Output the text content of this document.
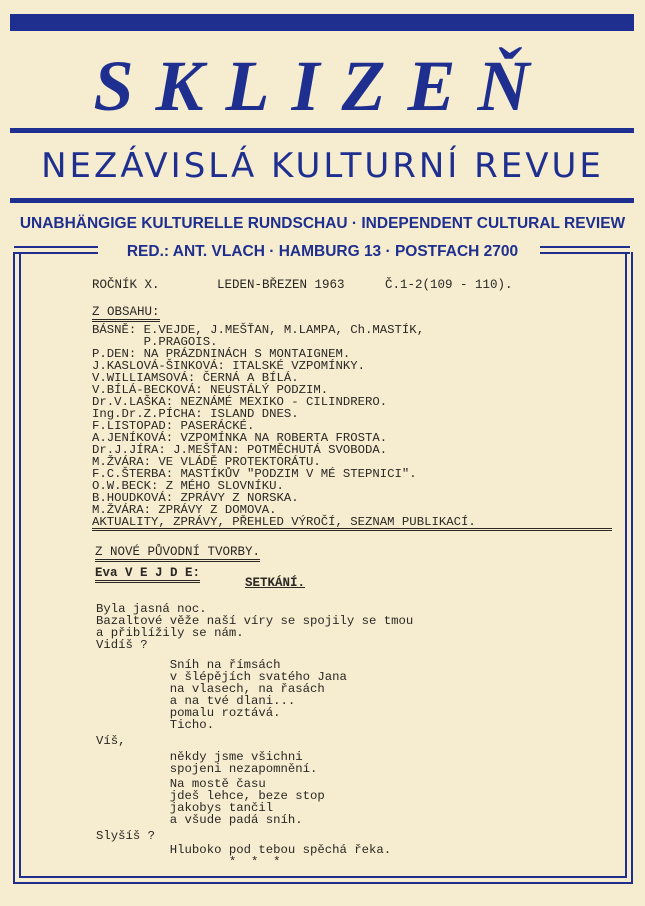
SKLIZEŇ
NEZÁVISLÁ KULTURNÍ REVUE
UNABHÄNGIGE KULTURELLE RUNDSCHAU · INDEPENDENT CULTURAL REVIEW
RED.: ANT. VLACH · HAMBURG 13 · POSTFACH 2700
ROČNÍK X.	LEDEN-BŘEZEN 1963	Č.1-2(109 - 110).
Z OBSAHU:
BÁSNĚ: E.VEJDE, J.MEŠŤAN, M.LAMPA, Ch.MASTÍK,
P.PRAGOIS.
P.DEN: NA PRÁZDNINÁCH S MONTAIGNEM.
J.KASLOVÁ-ŠINKOVÁ: ITALSKÉ VZPOMÍNKY.
V.WILLIAMSOVÁ: ČERNÁ A BÍLÁ.
V.BÍLÁ-BECKOVÁ: NEUSTÁLÝ PODZIM.
Dr.V.LAŠKA: NEZNÁMÉ MEXIKO - CILINDRERO.
Ing.Dr.Z.PÍCHA: ISLAND DNES.
F.LISTOPAD: PASERÁCKÉ.
A.JENÍKOVÁ: VZPOMÍNKA NA ROBERTA FROSTA.
Dr.J.JÍRA: J.MEŠŤAN: POTMĚCHUTÁ SVOBODA.
M.ŽVÁRA: VE VLÁDĚ PROTEKTORÁTU.
F.C.ŠTERBA: MASTÍKŮV "PODZIM V MÉ STEPNICI".
O.W.BECK: Z MÉHO SLOVNÍKU.
B.HOUDKOVÁ: ZPRÁVY Z NORSKA.
M.ŽVÁRA: ZPRÁVY Z DOMOVA.
AKTUALITY, ZPRÁVY, PŘEHLED VÝROČÍ, SEZNAM PUBLIKACÍ.
Z NOVÉ PŮVODNÍ TVORBY.
Eva V E J D E:
SETKÁNÍ.
Byla jasná noc.
Bazaltové věže naší víry se spojily se tmou
a přiblížily se nám.
Vidíš ?
Sníh na římsách
v šlépějích svatého Jana
na vlasech, na řasách
a na tvé dlani...
pomalu roztává.
Ticho.
Víš,
někdy jsme všichni
spojeni nezapomnění.
Na mostě času
jdeš lehce, beze stop
jakobys tančil
a všude padá sníh.
Slyšíš ?
Hluboko pod tebou spěchá řeka.
*  *  *
